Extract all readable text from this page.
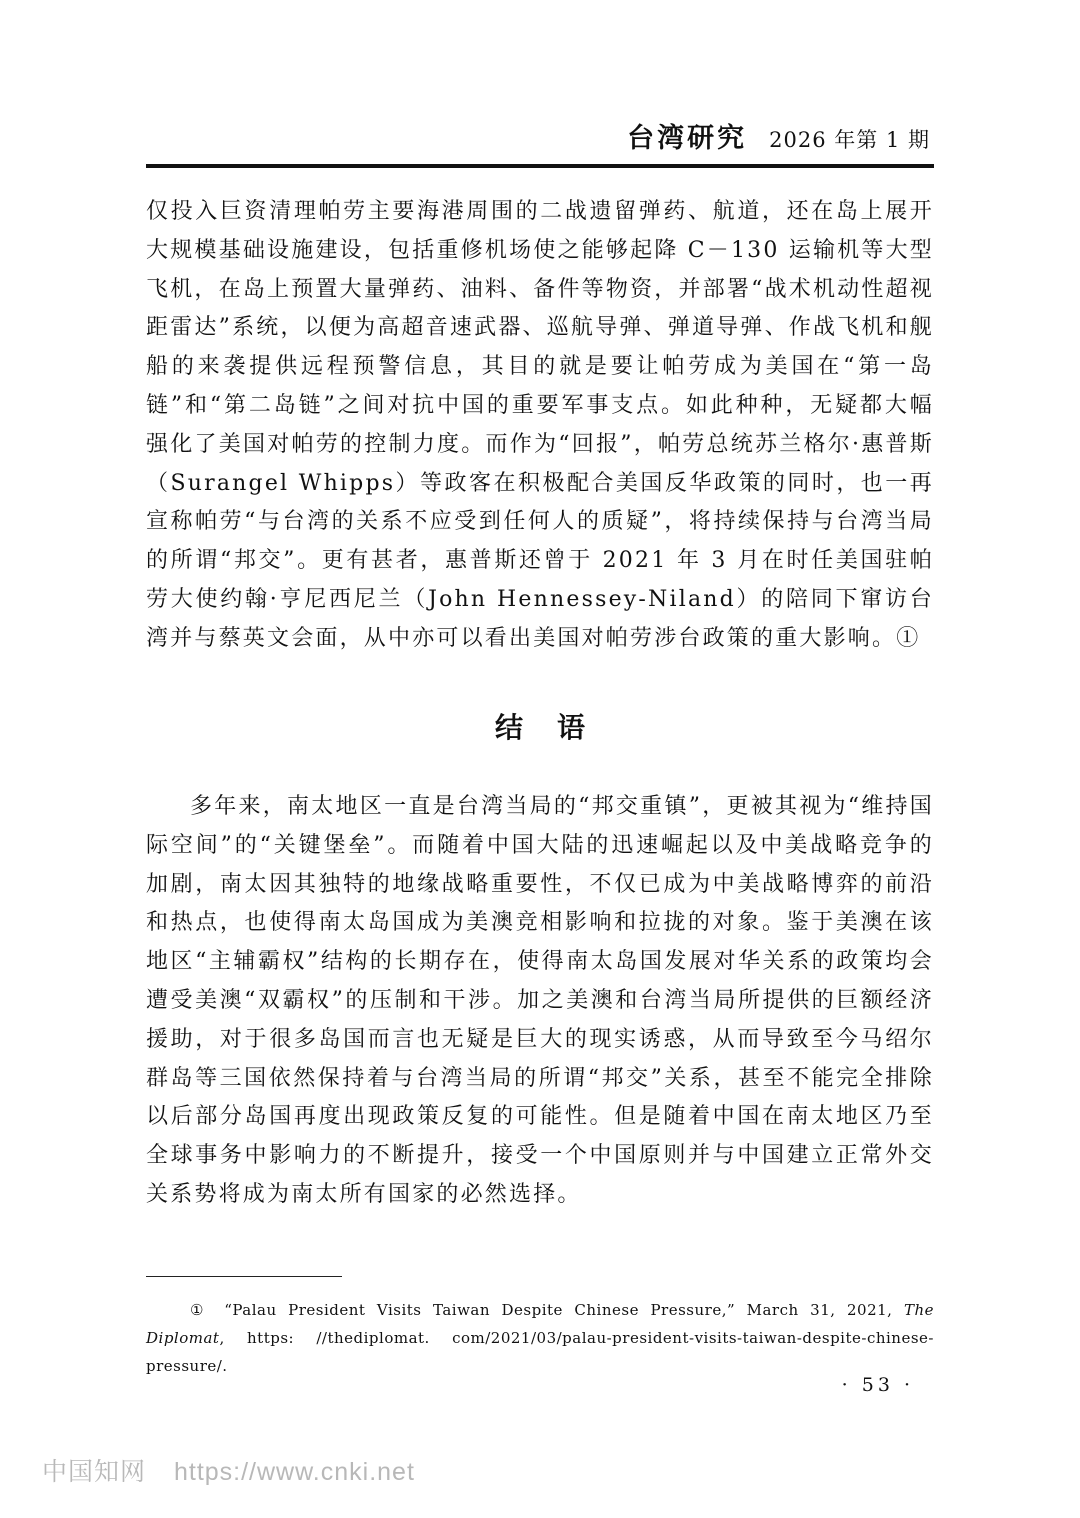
台湾研究 2026 年第 1 期

仅投入巨资清理帕劳主要海港周围的二战遗留弹药、航道，还在岛上展开大规模基础设施建设，包括重修机场使之能够起降 C－130 运输机等大型飞机，在岛上预置大量弹药、油料、备件等物资，并部署“战术机动性超视距雷达”系统，以便为高超音速武器、巡航导弹、弹道导弹、作战飞机和舰船的来袭提供远程预警信息，其目的就是要让帕劳成为美国在“第一岛链”和“第二岛链”之间对抗中国的重要军事支点。如此种种，无疑都大幅强化了美国对帕劳的控制力度。而作为“回报”，帕劳总统苏兰格尔·惠普斯（Surangel Whipps）等政客在积极配合美国反华政策的同时，也一再宣称帕劳“与台湾的关系不应受到任何人的质疑”，将持续保持与台湾当局的所谓“邦交”。更有甚者，惠普斯还曾于 2021 年 3 月在时任美国驻帕劳大使约翰·亨尼西尼兰（John Hennessey-Niland）的陪同下窜访台湾并与蔡英文会面，从中亦可以看出美国对帕劳涉台政策的重大影响。①

结语

多年来，南太地区一直是台湾当局的“邦交重镇”，更被其视为“维持国际空间”的“关键堡垒”。而随着中国大陆的迅速崛起以及中美战略竞争的加剧，南太因其独特的地缘战略重要性，不仅已成为中美战略博弈的前沿和热点，也使得南太岛国成为美澳竞相影响和拉拢的对象。鉴于美澳在该地区“主辅霸权”结构的长期存在，使得南太岛国发展对华关系的政策均会遭受美澳“双霸权”的压制和干涉。加之美澳和台湾当局所提供的巨额经济援助，对于很多岛国而言也无疑是巨大的现实诱惑，从而导致至今马绍尔群岛等三国依然保持着与台湾当局的所谓“邦交”关系，甚至不能完全排除以后部分岛国再度出现政策反复的可能性。但是随着中国在南太地区乃至全球事务中影响力的不断提升，接受一个中国原则并与中国建立正常外交关系势将成为南太所有国家的必然选择。

① “Palau President Visits Taiwan Despite Chinese Pressure,” March 31, 2021, The Diplomat, https: //thediplomat. com/2021/03/palau-president-visits-taiwan-despite-chinese-pressure/.

· 53 ·
中国知网 https://www.cnki.net
